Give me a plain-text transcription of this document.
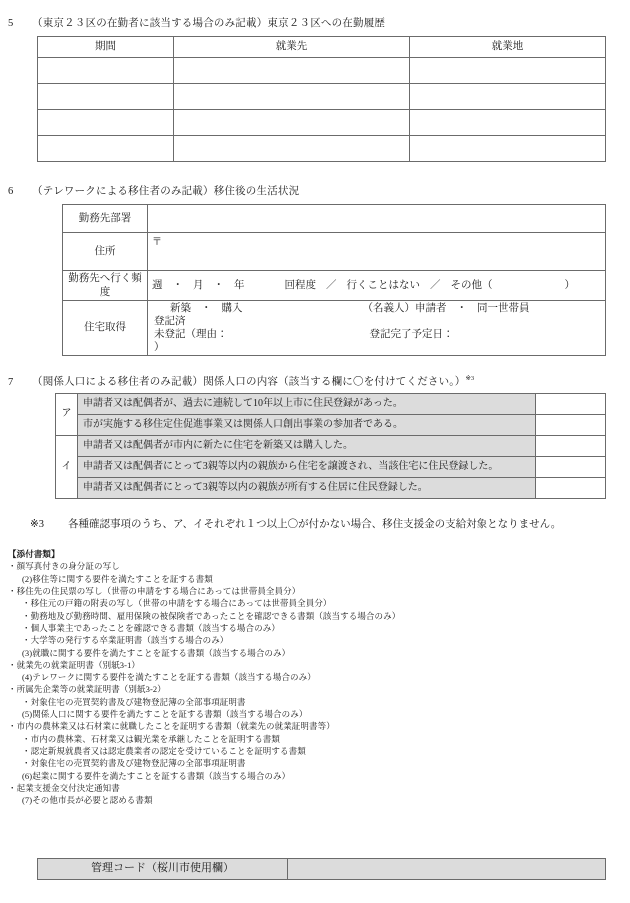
5 （東京２３区の在勤者に該当する場合のみ記載）東京２３区への在勤履歴
期間	就業先	就業地

6 （テレワークによる移住者のみ記載）移住後の生活状況
勤務先部署	
住所	〒
勤務先へ行く頻度	週 ・ 月 ・ 年 回程度 ／ 行くことはない ／ その他（ ）
住宅取得	新築 ・ 購入 （名義人）申請者 ・ 同一世帯員
登記済
未登記（理由： 登記完了予定日：）
7 （関係人口による移住者のみ記載）関係人口の内容（該当する欄に〇を付けてください。）$^{※3}$
ア	申請者又は配偶者が、過去に連続して10年以上市に住民登録があった。	
	市が実施する移住定住促進事業又は関係人口創出事業の参加者である。	
イ	申請者又は配偶者が市内に新たに住宅を新築又は購入した。	
	申請者又は配偶者にとって3親等以内の親族から住宅を譲渡され、当該住宅に住民登録した。	
	申請者又は配偶者にとって3親等以内の親族が所有する住居に住民登録した。	
※3 各種確認事項のうち、ア、イそれぞれ１つ以上〇が付かない場合、移住支援金の支給対象となりません。
【添付書類】
・顔写真付きの身分証の写し
(2)移住等に関する要件を満たすことを証する書類
・移住先の住民票の写し（世帯の申請をする場合にあっては世帯員全員分）
・移住元の戸籍の附表の写し（世帯の申請をする場合にあっては世帯員全員分）
・勤務地及び勤務時間、雇用保険の被保険者であったことを確認できる書類（該当する場合のみ）
・個人事業主であったことを確認できる書類（該当する場合のみ）
・大学等の発行する卒業証明書（該当する場合のみ）
(3)就職に関する要件を満たすことを証する書類（該当する場合のみ）
・就業先の就業証明書（別紙3-1）
(4)テレワークに関する要件を満たすことを証する書類（該当する場合のみ）
・所属先企業等の就業証明書（別紙3-2）
・対象住宅の売買契約書及び建物登記簿の全部事項証明書
(5)関係人口に関する要件を満たすことを証する書類（該当する場合のみ）
・市内の農林業又は石材業に就職したことを証明する書類（就業先の就業証明書等）
・市内の農林業、石材業又は観光業を承継したことを証明する書類
・認定新規就農者又は認定農業者の認定を受けていることを証明する書類
・対象住宅の売買契約書及び建物登記簿の全部事項証明書
(6)起業に関する要件を満たすことを証する書類（該当する場合のみ）
・起業支援金交付決定通知書
(7)その他市長が必要と認める書類
管理コード（桜川市使用欄）	
